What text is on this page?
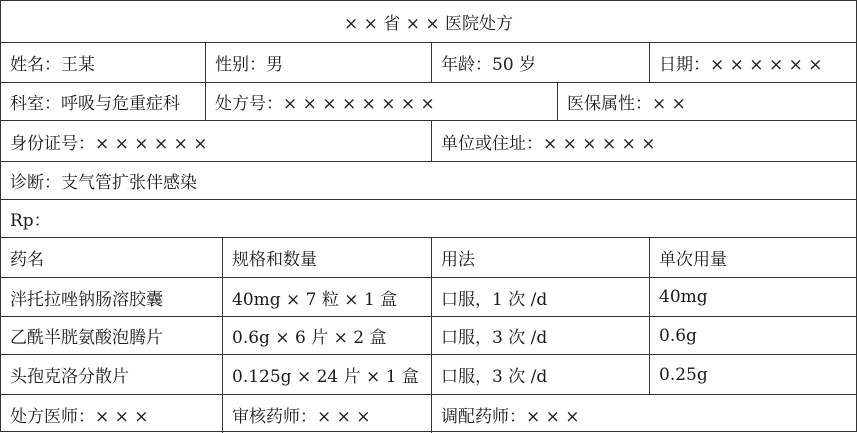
× × 省 × × 医院处方
姓名：王某	性别：男	年龄：50 岁	日期：× × × × × ×
科室：呼吸与危重症科	处方号：× × × × × × × ×	医保属性：× ×
身份证号：× × × × × ×	单位或住址：× × × × × ×
诊断：支气管扩张伴感染
Rp：
药名	规格和数量	用法	单次用量
泮托拉唑钠肠溶胶囊	40mg × 7 粒 × 1 盒	口服，1 次 /d	40mg
乙酰半胱氨酸泡腾片	0.6g × 6 片 × 2 盒	口服，3 次 /d	0.6g
头孢克洛分散片	0.125g × 24 片 × 1 盒	口服，3 次 /d	0.25g
处方医师：× × ×	审核药师：× × ×	调配药师：× × ×
